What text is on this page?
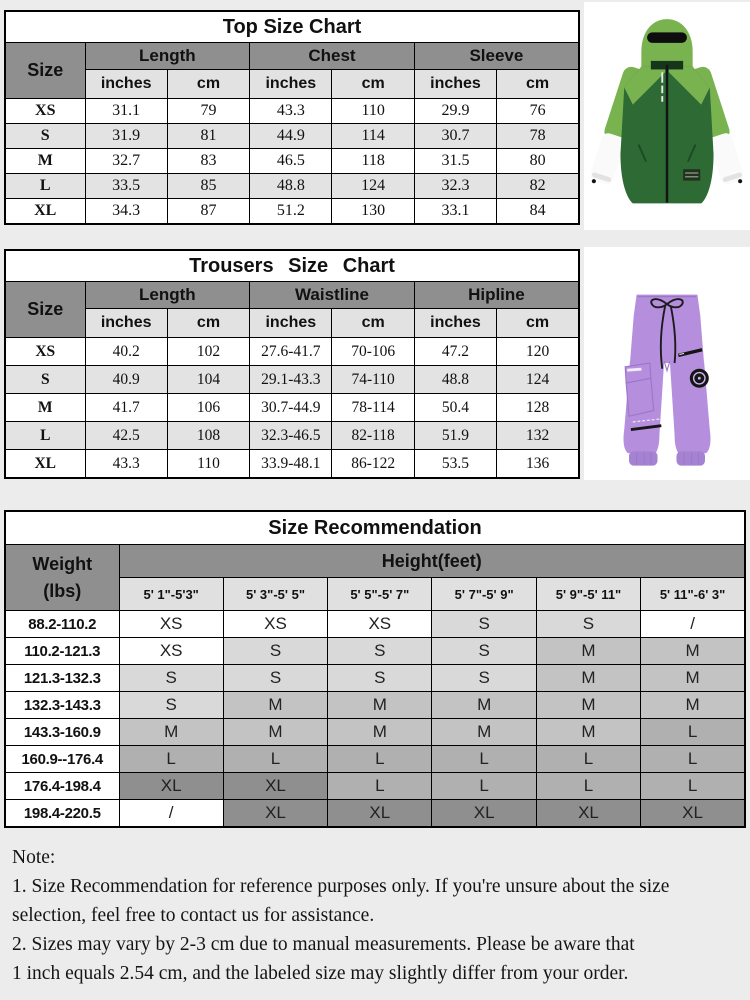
Top Size Chart						
Size	Length		Chest		Sleeve	
	inches	cm	inches	cm	inches	cm
XS	31.1	79	43.3	110	29.9	76
S	31.9	81	44.9	114	30.7	78
M	32.7	83	46.5	118	31.5	80
L	33.5	85	48.8	124	32.3	82
XL	34.3	87	51.2	130	33.1	84
Trousers Size Chart						
Size	Length		Waistline		Hipline	
	inches	cm	inches	cm	inches	cm
XS	40.2	102	27.6-41.7	70-106	47.2	120
S	40.9	104	29.1-43.3	74-110	48.8	124
M	41.7	106	30.7-44.9	78-114	50.4	128
L	42.5	108	32.3-46.5	82-118	51.9	132
XL	43.3	110	33.9-48.1	86-122	53.5	136
Size Recommendation						

Weight
(lbs)	Height(feet)					
	5' 1"-5'3"	5' 3"-5' 5"	5' 5"-5' 7"	5' 7"-5' 9"	5' 9"-5' 11"	5' 11"-6' 3"
88.2-110.2	XS	XS	XS	S	S	/
110.2-121.3	XS	S	S	S	M	M
121.3-132.3	S	S	S	S	M	M
132.3-143.3	S	M	M	M	M	M
143.3-160.9	M	M	M	M	M	L
160.9--176.4	L	L	L	L	L	L
176.4-198.4	XL	XL	L	L	L	L
198.4-220.5	/	XL	XL	XL	XL	XL
Note:
1. Size Recommendation for reference purposes only. If you're unsure about the size
selection, feel free to contact us for assistance.
2. Sizes may vary by 2-3 cm due to manual measurements. Please be aware that
1 inch equals 2.54 cm, and the labeled size may slightly differ from your order.
